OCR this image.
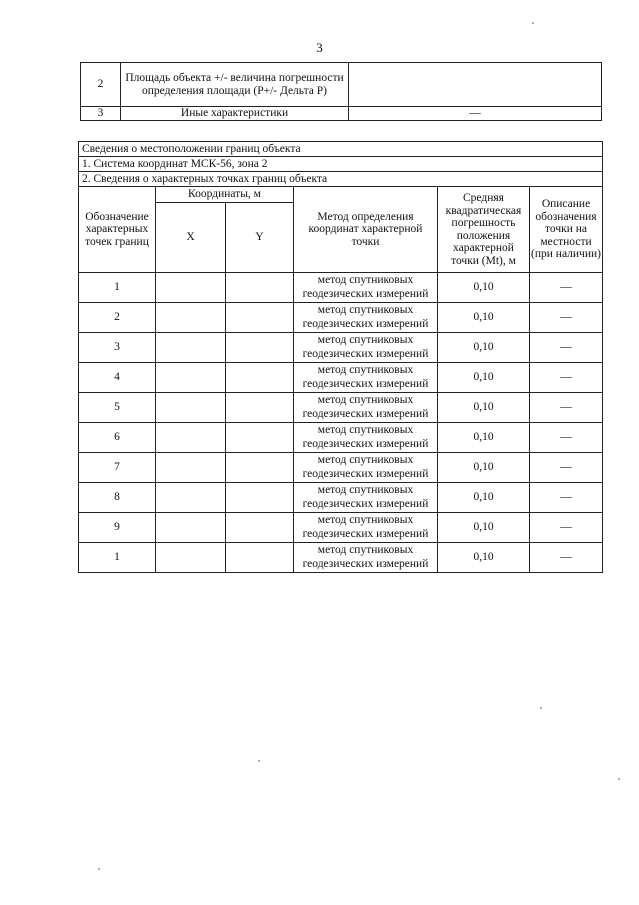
3
2	Площадь объекта +/- величина погрешности определения площади (Р+/- Дельта Р)	
3	Иные характеристики	—
Сведения о местоположении границ объекта					
1. Система координат МСК-56, зона 2					
2. Сведения о характерных точках границ объекта					
Обозначение характерных точек границ	Координаты, м		Метод определения координат характерной точки	Средняя квадратическая погрешность положения характерной точки (Mt), м	Описание обозначения точки на местности (при наличии)
	X	Y			
1			метод спутниковых геодезических измерений	0,10	—
2			метод спутниковых геодезических измерений	0,10	—
3			метод спутниковых геодезических измерений	0,10	—
4			метод спутниковых геодезических измерений	0,10	—
5			метод спутниковых геодезических измерений	0,10	—
6			метод спутниковых геодезических измерений	0,10	—
7			метод спутниковых геодезических измерений	0,10	—
8			метод спутниковых геодезических измерений	0,10	—
9			метод спутниковых геодезических измерений	0,10	—
1			метод спутниковых геодезических измерений	0,10	—
